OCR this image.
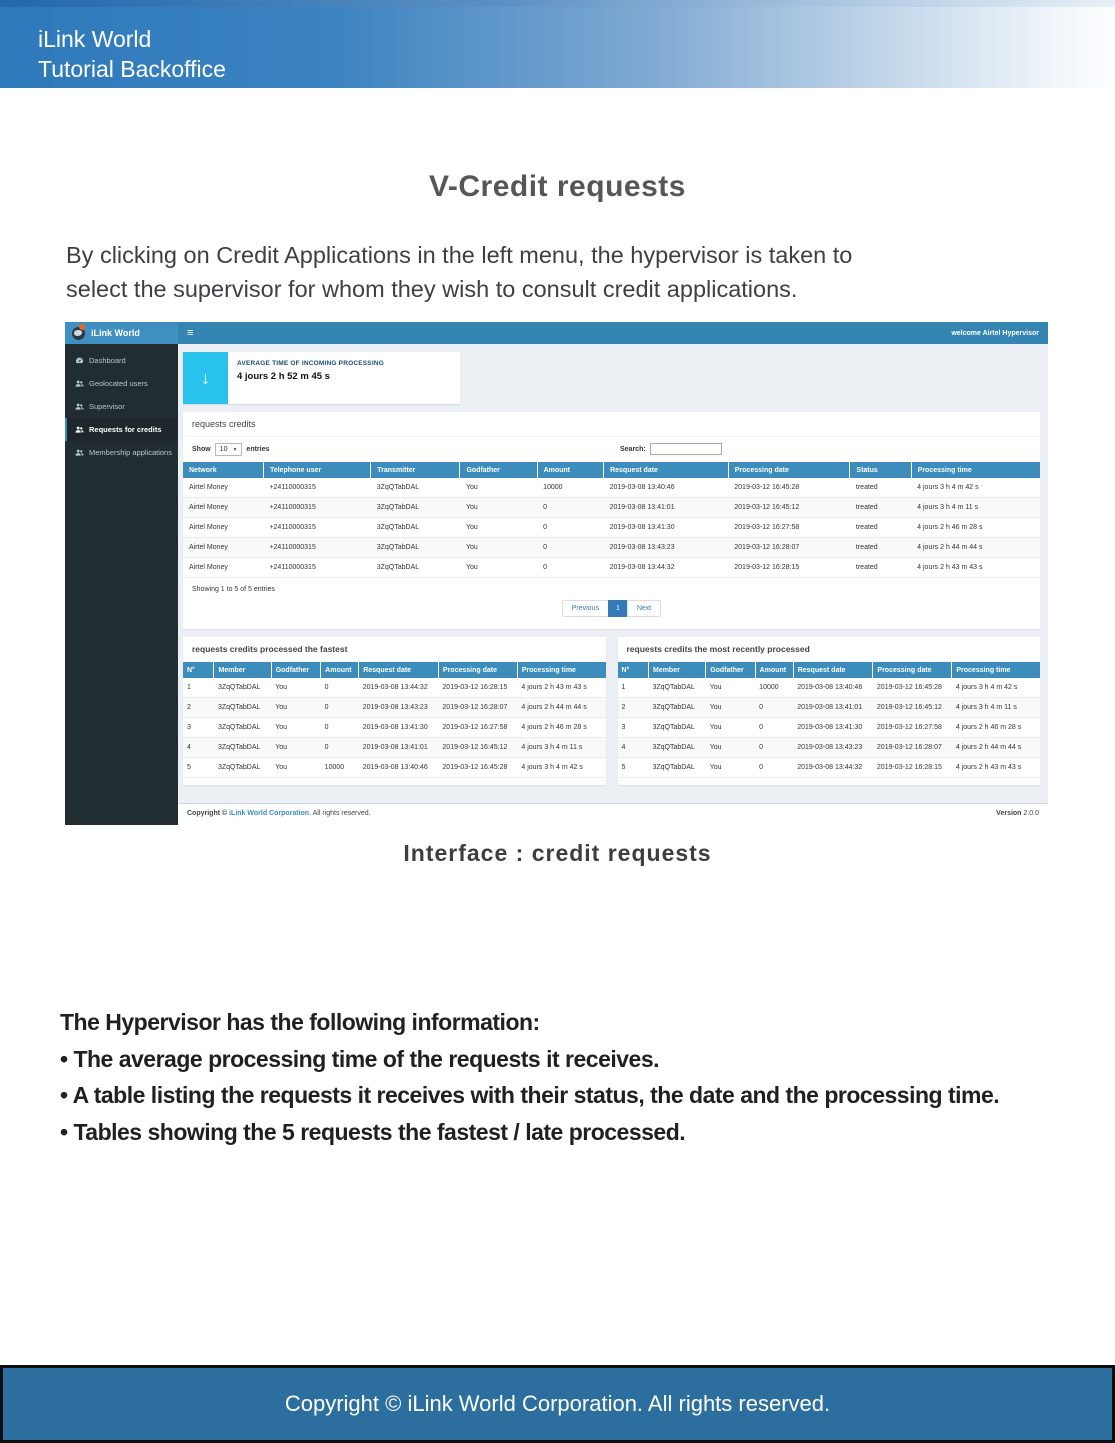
iLink World
Tutorial Backoffice
V-Credit requests
By clicking on Credit Applications in the left menu, the hypervisor is taken to
select the supervisor for whom they wish to consult credit applications.
iLink World	≡	welcome Airtel Hypervisor
Dashboard
Geolocated users
Supervisor
Requests for credits
Membership applications
↓
AVERAGE TIME OF INCOMING PROCESSING
4 jours 2 h 52 m 45 s
requests credits
Show 10 ▼ entries	Search:
Network	Telephone user	Transmitter	Godfather	Amount	Resquest date	Processing date	Status	Processing time
Airtel Money	+24110000315	3ZqQTabDAL	You	10000	2019-03-08 13:40:46	2019-03-12 16:45:28	treated	4 jours 3 h 4 m 42 s
Airtel Money	+24110000315	3ZqQTabDAL	You	0	2019-03-08 13:41:01	2019-03-12 16:45:12	treated	4 jours 3 h 4 m 11 s
Airtel Money	+24110000315	3ZqQTabDAL	You	0	2019-03-08 13:41:30	2019-03-12 16:27:58	treated	4 jours 2 h 46 m 28 s
Airtel Money	+24110000315	3ZqQTabDAL	You	0	2019-03-08 13:43:23	2019-03-12 16:28:07	treated	4 jours 2 h 44 m 44 s
Airtel Money	+24110000315	3ZqQTabDAL	You	0	2019-03-08 13:44:32	2019-03-12 16:28:15	treated	4 jours 2 h 43 m 43 s
Showing 1 to 5 of 5 entries
Previous	1	Next
requests credits processed the fastest
N°	Member	Godfather	Amount	Resquest date	Processing date	Processing time
1	3ZqQTabDAL	You	0	2019-03-08 13:44:32	2019-03-12 16:28:15	4 jours 2 h 43 m 43 s
2	3ZqQTabDAL	You	0	2019-03-08 13:43:23	2019-03-12 16:28:07	4 jours 2 h 44 m 44 s
3	3ZqQTabDAL	You	0	2019-03-08 13:41:30	2019-03-12 16:27:58	4 jours 2 h 46 m 28 s
4	3ZqQTabDAL	You	0	2019-03-08 13:41:01	2019-03-12 16:45:12	4 jours 3 h 4 m 11 s
5	3ZqQTabDAL	You	10000	2019-03-08 13:40:46	2019-03-12 16:45:28	4 jours 3 h 4 m 42 s
requests credits the most recently processed
N°	Member	Godfather	Amount	Resquest date	Processing date	Processing time
1	3ZqQTabDAL	You	10000	2019-03-08 13:40:46	2019-03-12 16:45:28	4 jours 3 h 4 m 42 s
2	3ZqQTabDAL	You	0	2019-03-08 13:41:01	2019-03-12 16:45:12	4 jours 3 h 4 m 11 s
3	3ZqQTabDAL	You	0	2019-03-08 13:41:30	2019-03-12 16:27:58	4 jours 2 h 46 m 28 s
4	3ZqQTabDAL	You	0	2019-03-08 13:43:23	2019-03-12 16:28:07	4 jours 2 h 44 m 44 s
5	3ZqQTabDAL	You	0	2019-03-08 13:44:32	2019-03-12 16:28:15	4 jours 2 h 43 m 43 s
Copyright © iLink World Corporation. All rights reserved.	Version 2.0.0
Interface : credit requests
The Hypervisor has the following information:
• The average processing time of the requests it receives.
• A table listing the requests it receives with their status, the date and the processing time.
• Tables showing the 5 requests the fastest / late processed.
Copyright © iLink World Corporation. All rights reserved.
